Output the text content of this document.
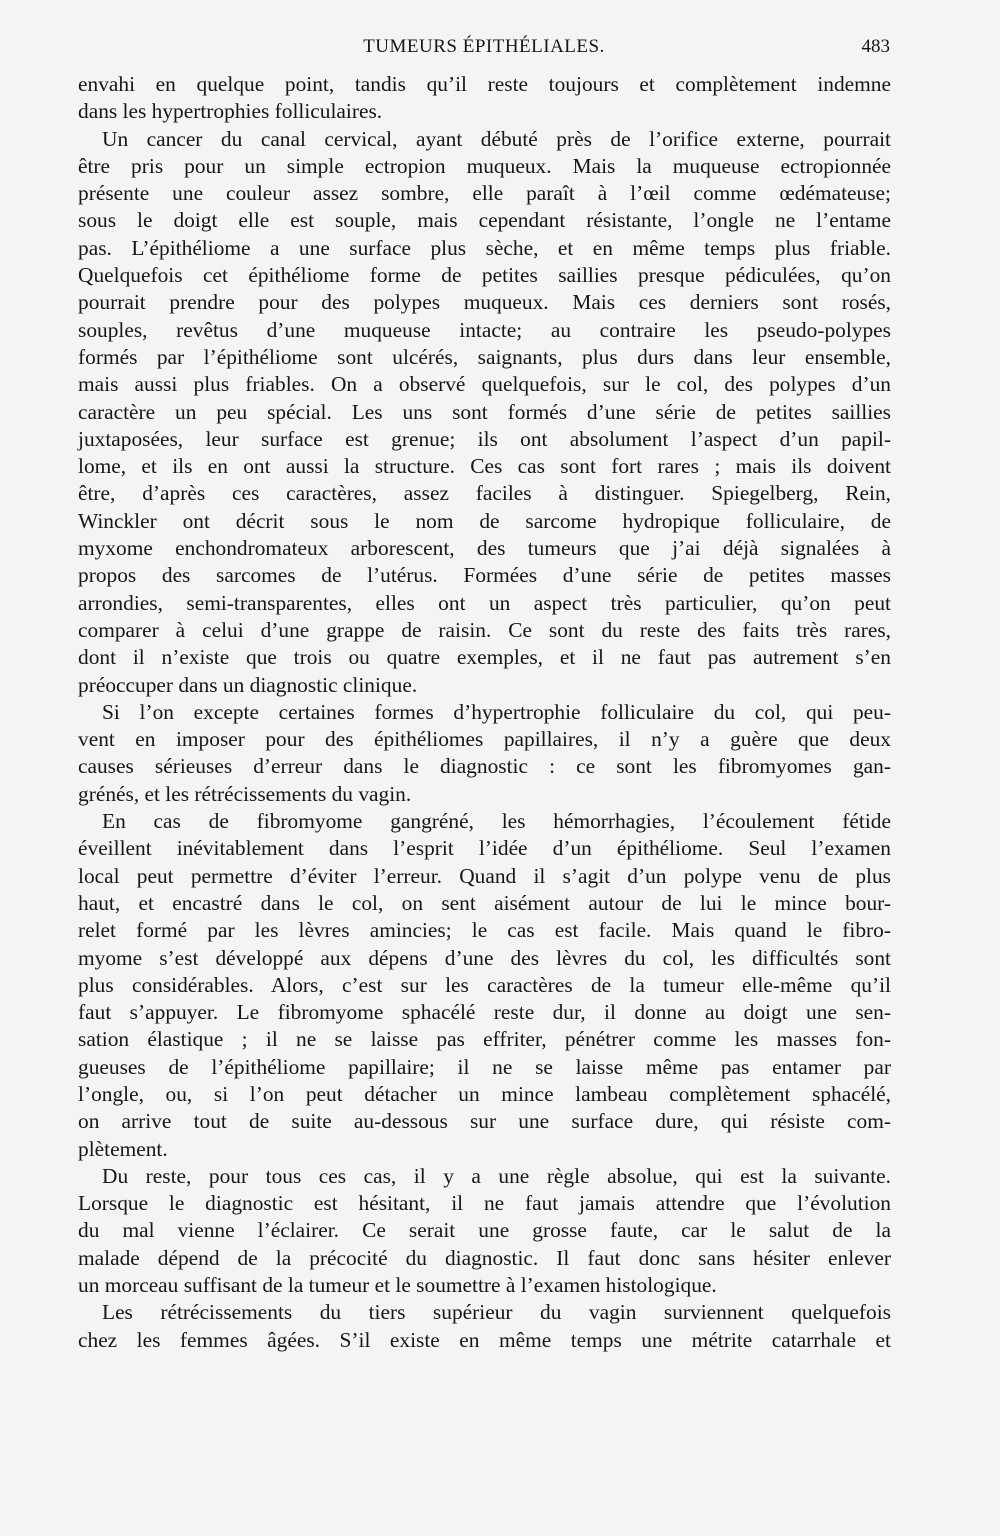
TUMEURS ÉPITHÉLIALES.	483

envahi en quelque point, tandis qu’il reste toujours et complètement indemne

dans les hypertrophies folliculaires.

Un cancer du canal cervical, ayant débuté près de l’orifice externe, pourrait

être pris pour un simple ectropion muqueux. Mais la muqueuse ectropionnée

présente une couleur assez sombre, elle paraît à l’œil comme œdémateuse;

sous le doigt elle est souple, mais cependant résistante, l’ongle ne l’entame

pas. L’épithéliome a une surface plus sèche, et en même temps plus friable.

Quelquefois cet épithéliome forme de petites saillies presque pédiculées, qu’on

pourrait prendre pour des polypes muqueux. Mais ces derniers sont rosés,

souples, revêtus d’une muqueuse intacte; au contraire les pseudo-polypes

formés par l’épithéliome sont ulcérés, saignants, plus durs dans leur ensemble,

mais aussi plus friables. On a observé quelquefois, sur le col, des polypes d’un

caractère un peu spécial. Les uns sont formés d’une série de petites saillies

juxtaposées, leur surface est grenue; ils ont absolument l’aspect d’un papil-

lome, et ils en ont aussi la structure. Ces cas sont fort rares ; mais ils doivent

être, d’après ces caractères, assez faciles à distinguer. Spiegelberg, Rein,

Winckler ont décrit sous le nom de sarcome hydropique folliculaire, de

myxome enchondromateux arborescent, des tumeurs que j’ai déjà signalées à

propos des sarcomes de l’utérus. Formées d’une série de petites masses

arrondies, semi-transparentes, elles ont un aspect très particulier, qu’on peut

comparer à celui d’une grappe de raisin. Ce sont du reste des faits très rares,

dont il n’existe que trois ou quatre exemples, et il ne faut pas autrement s’en

préoccuper dans un diagnostic clinique.

Si l’on excepte certaines formes d’hypertrophie folliculaire du col, qui peu-

vent en imposer pour des épithéliomes papillaires, il n’y a guère que deux

causes sérieuses d’erreur dans le diagnostic : ce sont les fibromyomes gan-

grénés, et les rétrécissements du vagin.

En cas de fibromyome gangréné, les hémorrhagies, l’écoulement fétide

éveillent inévitablement dans l’esprit l’idée d’un épithéliome. Seul l’examen

local peut permettre d’éviter l’erreur. Quand il s’agit d’un polype venu de plus

haut, et encastré dans le col, on sent aisément autour de lui le mince bour-

relet formé par les lèvres amincies; le cas est facile. Mais quand le fibro-

myome s’est développé aux dépens d’une des lèvres du col, les difficultés sont

plus considérables. Alors, c’est sur les caractères de la tumeur elle-même qu’il

faut s’appuyer. Le fibromyome sphacélé reste dur, il donne au doigt une sen-

sation élastique ; il ne se laisse pas effriter, pénétrer comme les masses fon-

gueuses de l’épithéliome papillaire; il ne se laisse même pas entamer par

l’ongle, ou, si l’on peut détacher un mince lambeau complètement sphacélé,

on arrive tout de suite au-dessous sur une surface dure, qui résiste com-

plètement.

Du reste, pour tous ces cas, il y a une règle absolue, qui est la suivante.

Lorsque le diagnostic est hésitant, il ne faut jamais attendre que l’évolution

du mal vienne l’éclairer. Ce serait une grosse faute, car le salut de la

malade dépend de la précocité du diagnostic. Il faut donc sans hésiter enlever

un morceau suffisant de la tumeur et le soumettre à l’examen histologique.

Les rétrécissements du tiers supérieur du vagin surviennent quelquefois

chez les femmes âgées. S’il existe en même temps une métrite catarrhale et
